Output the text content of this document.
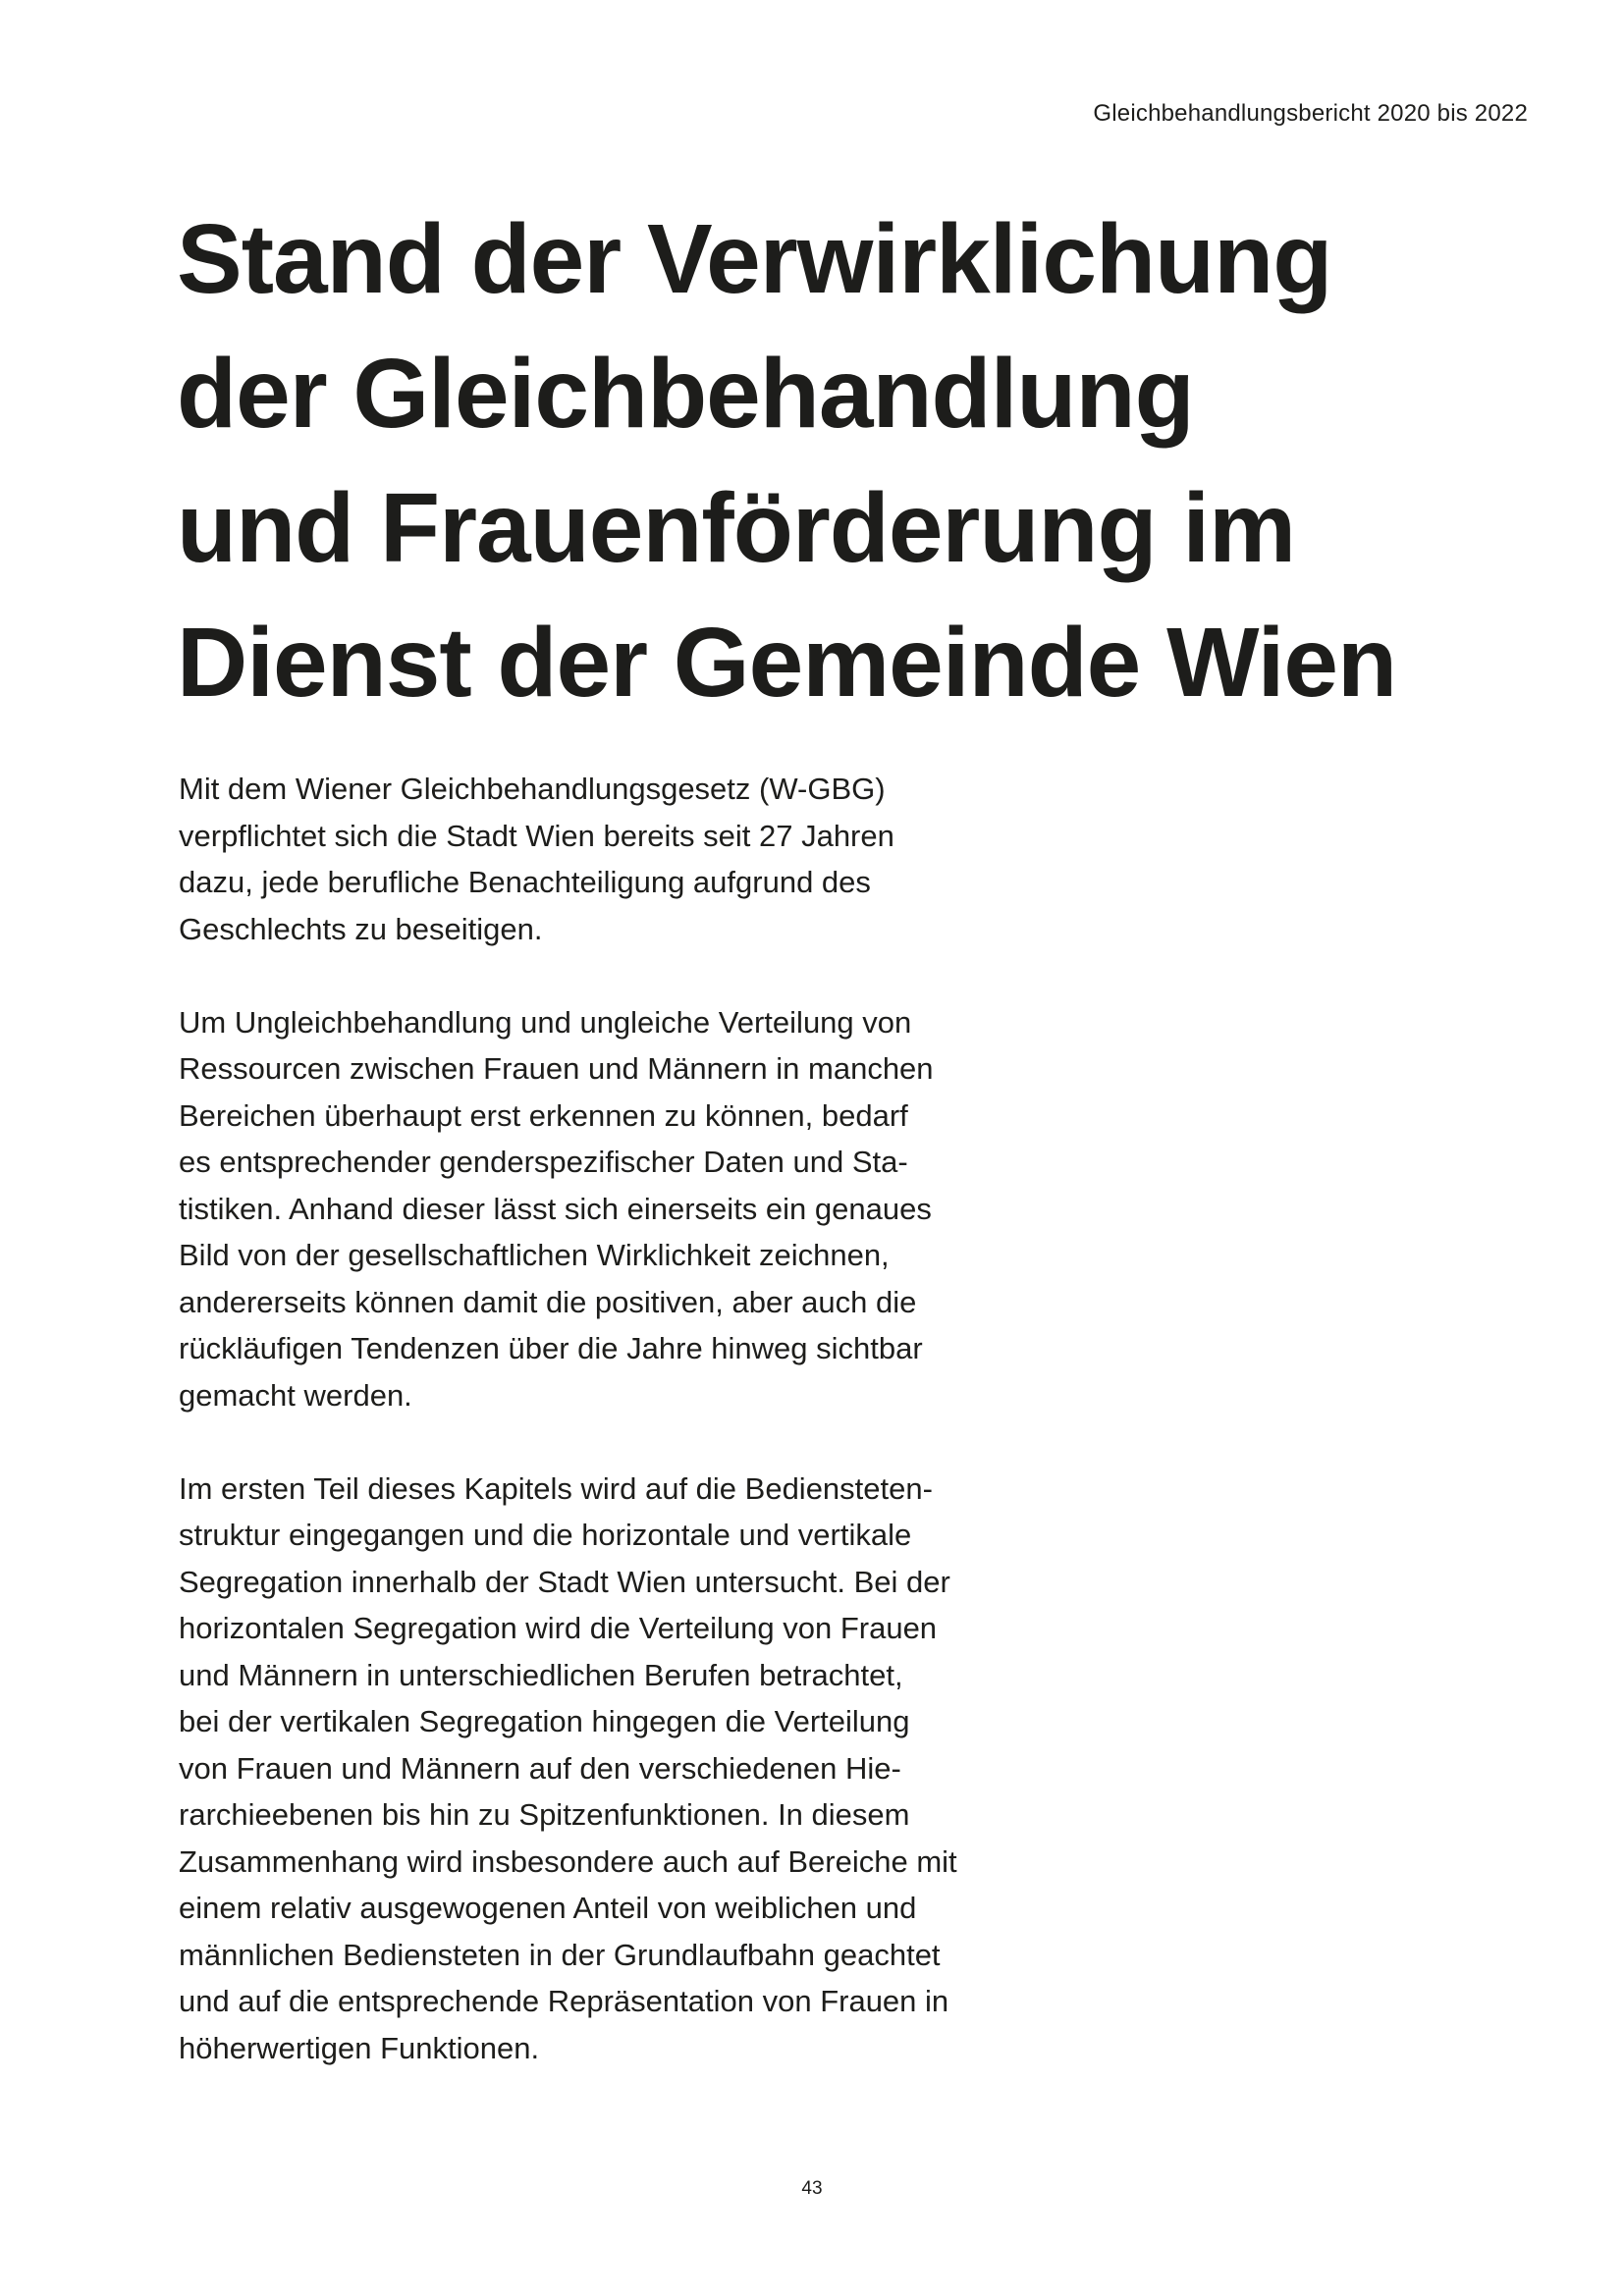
Gleichbehandlungsbericht 2020 bis 2022
Stand der Verwirklichung
der Gleichbehandlung
und Frauenförderung im
Dienst der Gemeinde Wien

Mit dem Wiener Gleichbehandlungsgesetz (W-GBG)
verpflichtet sich die Stadt Wien bereits seit 27 Jahren
dazu, jede berufliche Benachteiligung aufgrund des
Geschlechts zu beseitigen.

Um Ungleichbehandlung und ungleiche Verteilung von
Ressourcen zwischen Frauen und Männern in manchen
Bereichen überhaupt erst erkennen zu können, bedarf
es entsprechender genderspezifischer Daten und Sta-
tistiken. Anhand dieser lässt sich einerseits ein genaues
Bild von der gesellschaftlichen Wirklichkeit zeichnen,
andererseits können damit die positiven, aber auch die
rückläufigen Tendenzen über die Jahre hinweg sichtbar
gemacht werden.

Im ersten Teil dieses Kapitels wird auf die Bediensteten-
struktur eingegangen und die horizontale und vertikale
Segregation innerhalb der Stadt Wien untersucht. Bei der
horizontalen Segregation wird die Verteilung von Frauen
und Männern in unterschiedlichen Berufen betrachtet,
bei der vertikalen Segregation hingegen die Verteilung
von Frauen und Männern auf den verschiedenen Hie-
rarchieebenen bis hin zu Spitzenfunktionen. In diesem
Zusammenhang wird insbesondere auch auf Bereiche mit
einem relativ ausgewogenen Anteil von weiblichen und
männlichen Bediensteten in der Grundlaufbahn geachtet
und auf die entsprechende Repräsentation von Frauen in
höherwertigen Funktionen.

43
